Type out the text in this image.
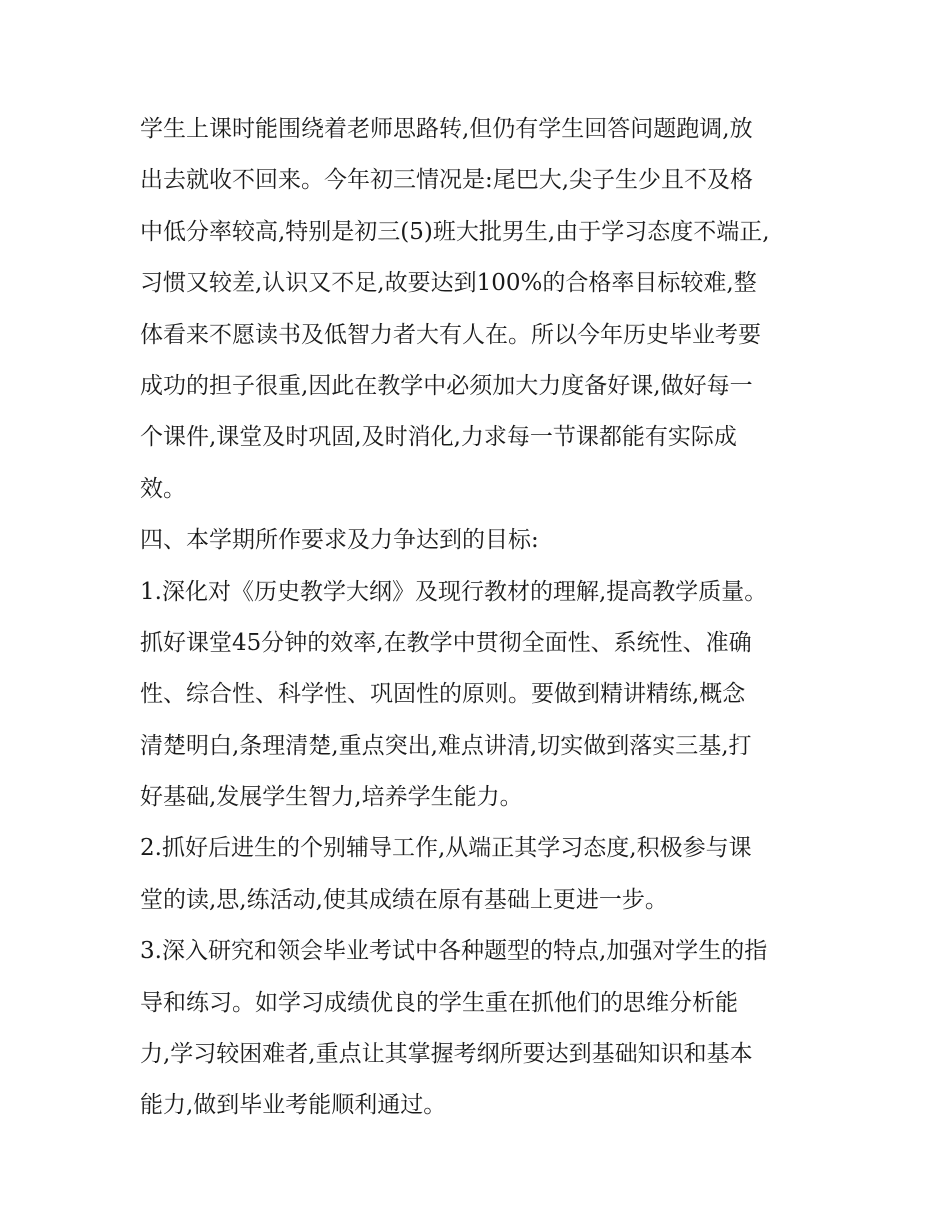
学生上课时能围绕着老师思路转,但仍有学生回答问题跑调,放
出去就收不回来。今年初三情况是:尾巴大,尖子生少且不及格
中低分率较高,特别是初三(5)班大批男生,由于学习态度不端正,
习惯又较差,认识又不足,故要达到100%的合格率目标较难,整
体看来不愿读书及低智力者大有人在。所以今年历史毕业考要
成功的担子很重,因此在教学中必须加大力度备好课,做好每一
个课件,课堂及时巩固,及时消化,力求每一节课都能有实际成
效。
四、本学期所作要求及力争达到的目标:
1.深化对《历史教学大纲》及现行教材的理解,提高教学质量。
抓好课堂45分钟的效率,在教学中贯彻全面性、系统性、准确
性、综合性、科学性、巩固性的原则。要做到精讲精练,概念
清楚明白,条理清楚,重点突出,难点讲清,切实做到落实三基,打
好基础,发展学生智力,培养学生能力。
2.抓好后进生的个别辅导工作,从端正其学习态度,积极参与课
堂的读,思,练活动,使其成绩在原有基础上更进一步。
3.深入研究和领会毕业考试中各种题型的特点,加强对学生的指
导和练习。如学习成绩优良的学生重在抓他们的思维分析能
力,学习较困难者,重点让其掌握考纲所要达到基础知识和基本
能力,做到毕业考能顺利通过。
